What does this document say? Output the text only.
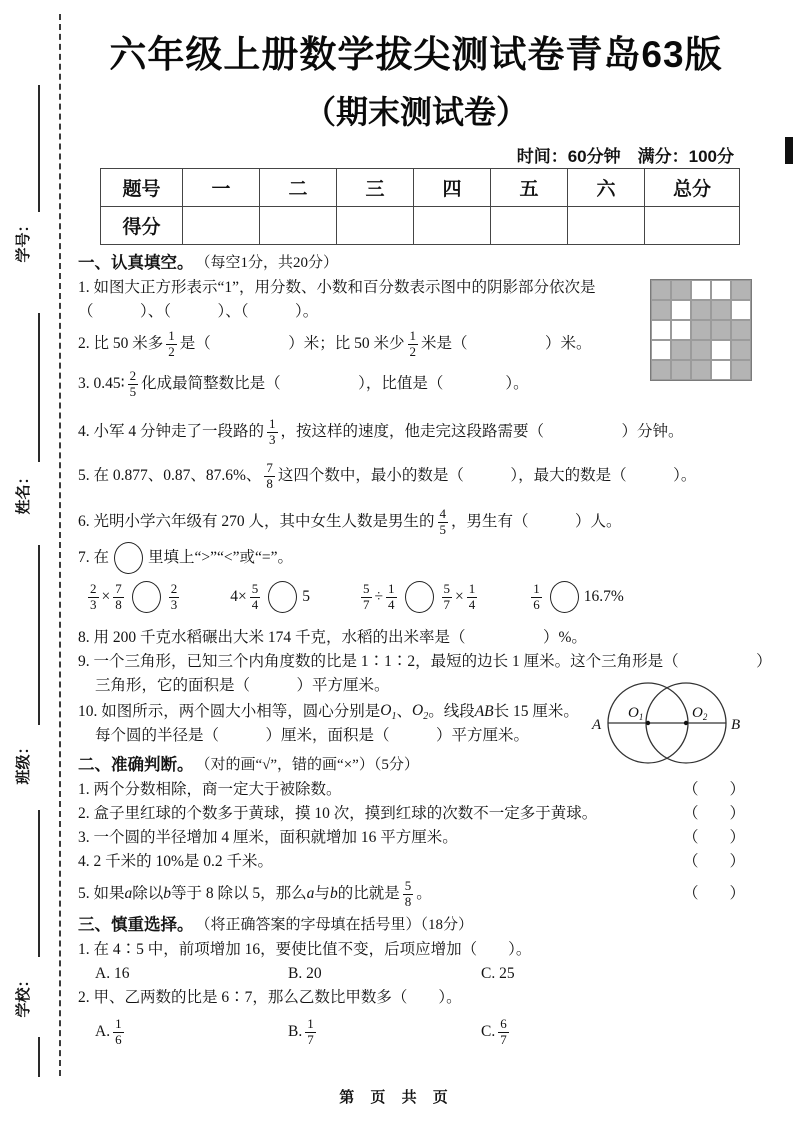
学号：
姓名：
班级：
学校：
六年级上册数学拔尖测试卷青岛63版
（期末测试卷）
时间：60分钟　满分：100分
题号	一	二	三	四	五	六	总分
得分							
A	B
$O_1$	$O_2$
一、认真填空。 （每空1分，共20分）
1. 如图大正方形表示“1”，用分数、小数和百分数表示图中的阴影部分依次是
（　　　）、（　　　）、（　　　）。
2. 比 50 米多 $\frac{1}{2}$ 是（　　　　　）米；比 50 米少 $\frac{1}{2}$ 米是（　　　　　）米。
3. 0.45∶ $\frac{2}{5}$ 化成最简整数比是（　　　　　），比值是（　　　　）。
4. 小军 4 分钟走了一段路的 $\frac{1}{3}$ ，按这样的速度，他走完这段路需要（　　　　　）分钟。
5. 在 0.877、0.87、87.6%、 $\frac{7}{8}$ 这四个数中，最小的数是（　　　），最大的数是（　　　）。
6. 光明小学六年级有 270 人，其中女生人数是男生的 $\frac{4}{5}$ ，男生有（　　　）人。
7. 在	里填上“>”“<”或“=”。
$\frac{2}{3} \times \frac{7}{8}$	$\frac{2}{3}$	$4\times \frac{5}{4}$	5	$\frac{5}{7} \div \frac{1}{4}$	$\frac{5}{7} \times \frac{1}{4}$	$\frac{1}{6}$	16.7%
8. 用 200 千克水稻碾出大米 174 千克，水稻的出米率是（　　　　　）%。
9. 一个三角形，已知三个内角度数的比是 1∶1∶2，最短的边长 1 厘米。这个三角形是（　　　　　）
三角形，它的面积是（　　　）平方厘米。
10. 如图所示，两个圆大小相等，圆心分别是 $O_1$ 、 $O_2$ 。线段 AB 长 15 厘米。
每个圆的半径是（　　　）厘米，面积是（　　　）平方厘米。
二、准确判断。 （对的画“√”，错的画“×”）（5分）
1. 两个分数相除，商一定大于被除数。	（　　）
2. 盒子里红球的个数多于黄球，摸 10 次，摸到红球的次数不一定多于黄球。	（　　）
3. 一个圆的半径增加 4 厘米，面积就增加 16 平方厘米。	（　　）
4. 2 千米的 10%是 0.2 千米。	（　　）
5. 如果 a 除以 b 等于 8 除以 5，那么 a 与 b 的比就是 $\frac{5}{8}$ 。	（　　）
三、慎重选择。 （将正确答案的字母填在括号里）（18分）
1. 在 4∶5 中，前项增加 16，要使比值不变，后项应增加（　　）。
A. 16	B. 20	C. 25
2. 甲、乙两数的比是 6∶7，那么乙数比甲数多（　　）。
A. $\frac{1}{6}$	B. $\frac{1}{7}$	C. $\frac{6}{7}$
第 页 共 页
